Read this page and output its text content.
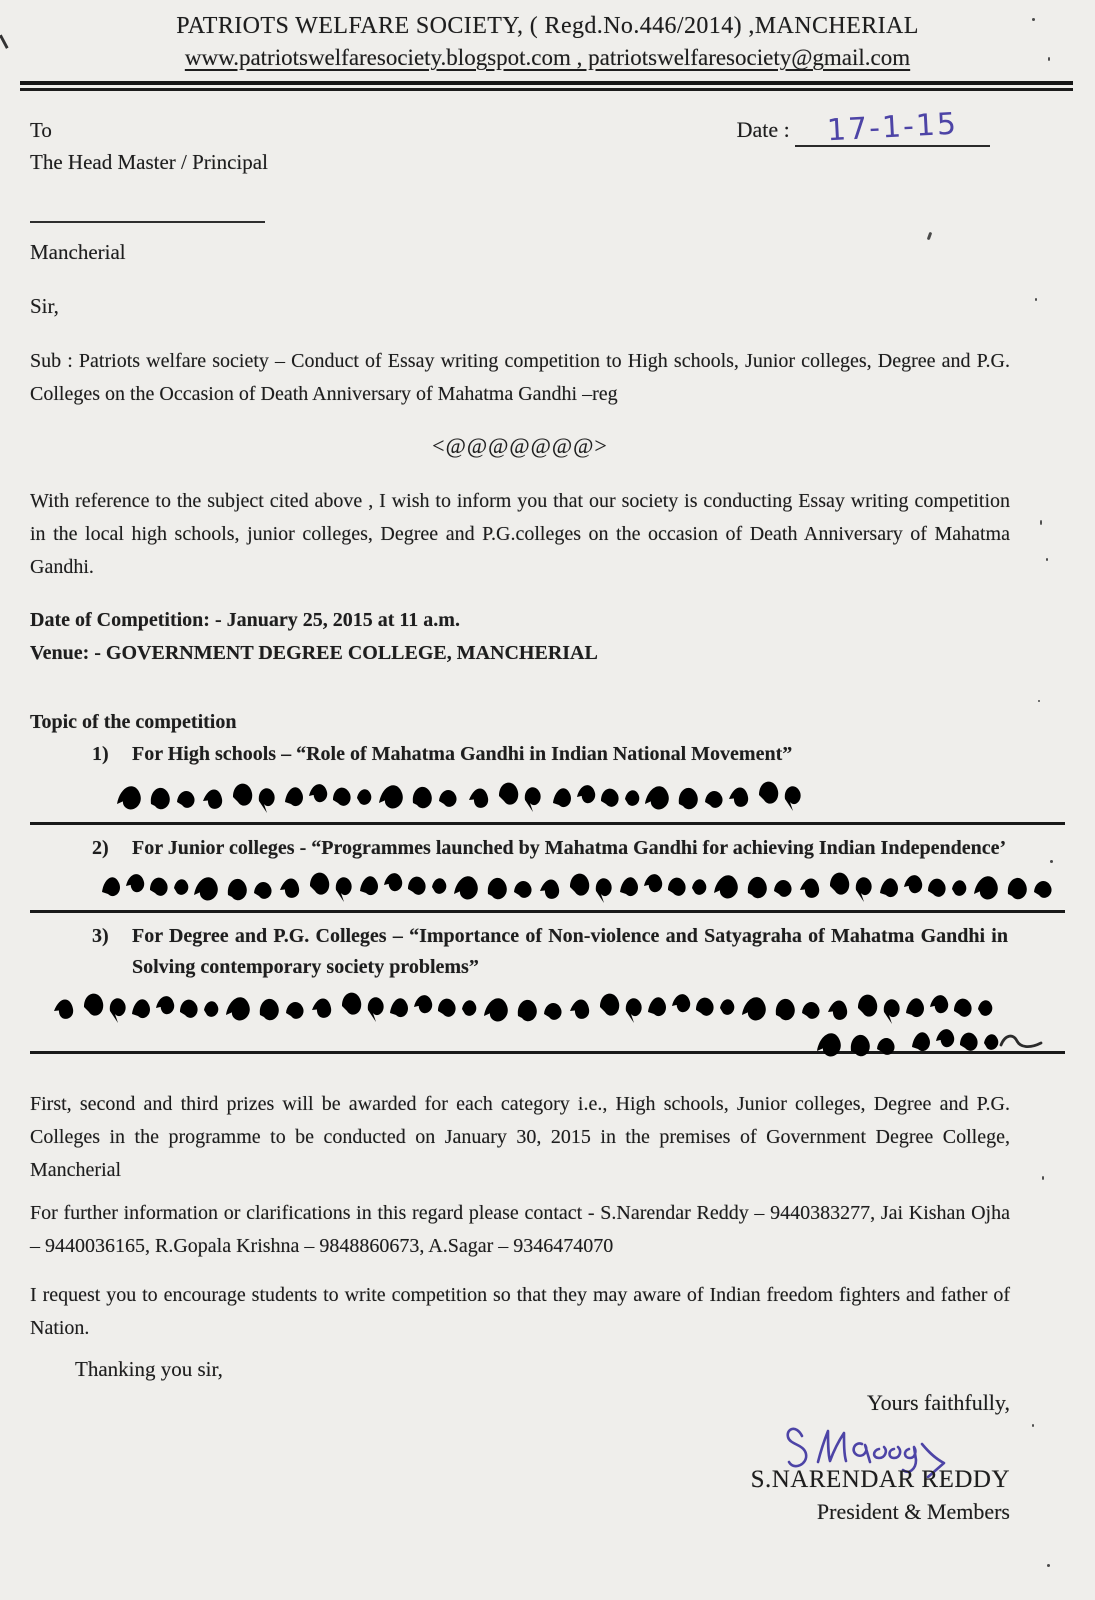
PATRIOTS WELFARE SOCIETY, ( Regd.No.446/2014) ,MANCHERIAL
www.patriotswelfaresociety.blogspot.com , patriotswelfaresociety@gmail.com
To	Date : 17-1-15
The Head Master / Principal
Mancherial
Sir,
Sub : Patriots welfare society – Conduct of Essay writing competition to High schools, Junior colleges, Degree and P.G. Colleges on the Occasion of Death Anniversary of Mahatma Gandhi –reg
<@@@@@@@>
With reference to the subject cited above , I wish to inform you that our society is conducting Essay writing competition in the local high schools, junior colleges, Degree and P.G.colleges on the occasion of Death Anniversary of Mahatma Gandhi.
Date of Competition: - January 25, 2015 at 11 a.m.
Venue: - GOVERNMENT DEGREE COLLEGE, MANCHERIAL
Topic of the competition
1)	For High schools – “Role of Mahatma Gandhi in Indian National Movement”
2)	For Junior colleges - “Programmes launched by Mahatma Gandhi for achieving Indian Independence’
3)	For Degree and P.G. Colleges – “Importance of Non-violence and Satyagraha of Mahatma Gandhi in Solving contemporary society problems”
First, second and third prizes will be awarded for each category i.e., High schools, Junior colleges, Degree and P.G. Colleges in the programme to be conducted on January 30, 2015 in the premises of Government Degree College, Mancherial
For further information or clarifications in this regard please contact - S.Narendar Reddy – 9440383277, Jai Kishan Ojha – 9440036165, R.Gopala Krishna – 9848860673, A.Sagar – 9346474070
I request you to encourage students to write competition so that they may aware of Indian freedom fighters and father of Nation.
Thanking you sir,
Yours faithfully,
S.NARENDAR REDDY
President & Members
